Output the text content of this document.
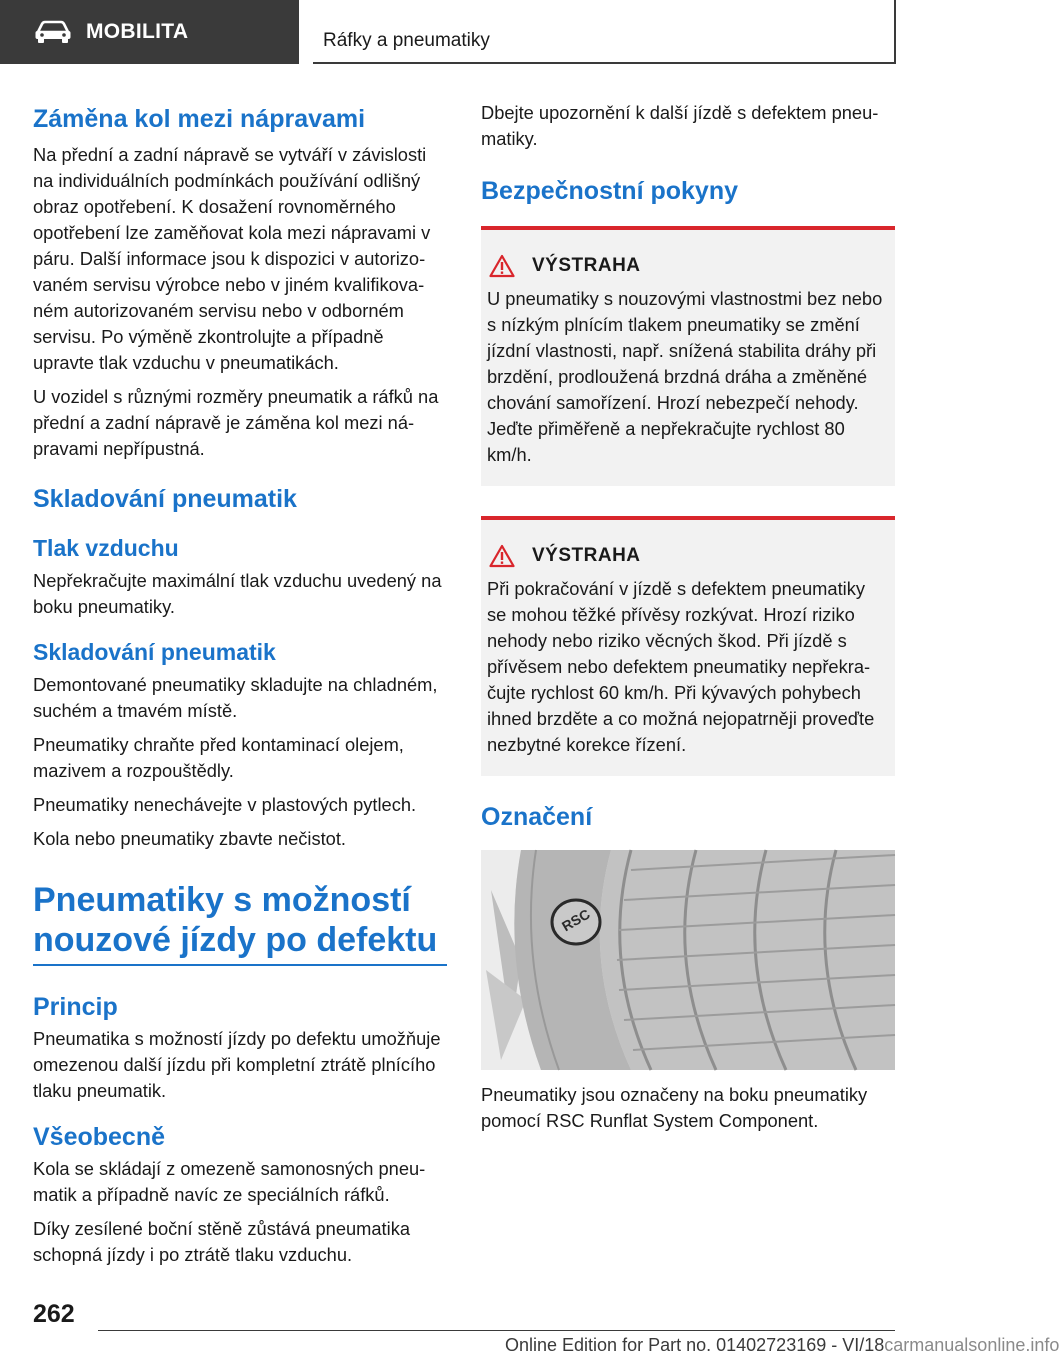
MOBILITA	Ráfky a pneumatiky
Záměna kol mezi nápravami

Na přední a zadní nápravě se vytváří v závislosti na individuálních podmínkách používání odlišný obraz opotřebení. K dosažení rovnoměrného opotřebení lze zaměňovat kola mezi nápravami v páru. Další informace jsou k dispozici v autorizovaném servisu výrobce nebo v jiném kvalifikovaném autorizovaném servisu nebo v odborném servisu. Po výměně zkontrolujte a případně upravte tlak vzduchu v pneumatikách.

U vozidel s různými rozměry pneumatik a ráfků na přední a zadní nápravě je záměna kol mezi nápravami nepřípustná.

Skladování pneumatik
Tlak vzduchu

Nepřekračujte maximální tlak vzduchu uvedený na boku pneumatiky.

Skladování pneumatik

Demontované pneumatiky skladujte na chladném, suchém a tmavém místě.

Pneumatiky chraňte před kontaminací olejem, mazivem a rozpouštědly.

Pneumatiky nenechávejte v plastových pytlech.

Kola nebo pneumatiky zbavte nečistot.

Pneumatiky s možností
nouzové jízdy po defektu
Princip

Pneumatika s možností jízdy po defektu umožňuje omezenou další jízdu při kompletní ztrátě plnícího tlaku pneumatik.

Všeobecně

Kola se skládají z omezeně samonosných pneumatik a případně navíc ze speciálních ráfků.

Díky zesílené boční stěně zůstává pneumatika schopná jízdy i po ztrátě tlaku vzduchu.

Dbejte upozornění k další jízdě s defektem pneumatiky.

Bezpečnostní pokyny
VÝSTRAHA

U pneumatiky s nouzovými vlastnostmi bez nebo s nízkým plnícím tlakem pneumatiky se změní jízdní vlastnosti, např. snížená stabilita dráhy při brzdění, prodloužená brzdná dráha a změněné chování samořízení. Hrozí nebezpečí nehody. Jeďte přiměřeně a nepřekračujte rychlost 80 km/h.

VÝSTRAHA

Při pokračování v jízdě s defektem pneumatiky se mohou těžké přívěsy rozkývat. Hrozí riziko nehody nebo riziko věcných škod. Při jízdě s přívěsem nebo defektem pneumatiky nepřekračujte rychlost 60 km/h. Při kývavých pohybech ihned brzděte a co možná nejopatrněji proveďte nezbytné korekce řízení.

Označení
RSC

Pneumatiky jsou označeny na boku pneumatiky pomocí RSC Runflat System Component.

262
Online Edition for Part no. 01402723169 - VI/18carmanualsonline.info
